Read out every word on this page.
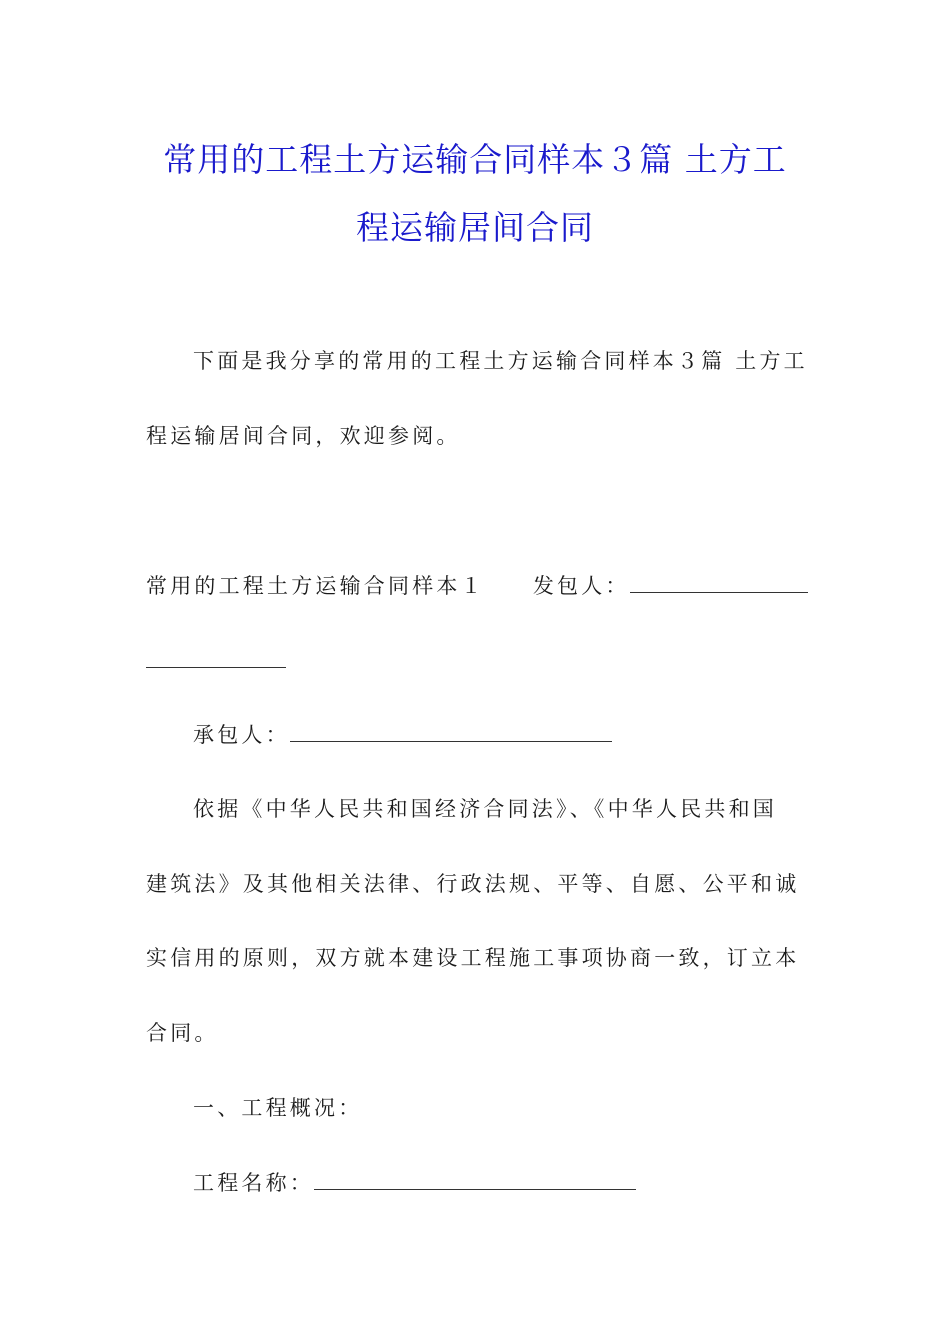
常用的工程土方运输合同样本３篇 土方工
程运输居间合同
下面是我分享的常用的工程土方运输合同样本３篇 土方工
程运输居间合同，欢迎参阅。
常用的工程土方运输合同样本１ 发包人：
承包人：
依据《中华人民共和国经济合同法》、《中华人民共和国
建筑法》及其他相关法律、行政法规、平等、自愿、公平和诚
实信用的原则，双方就本建设工程施工事项协商一致，订立本
合同。
一、工程概况：
工程名称：
